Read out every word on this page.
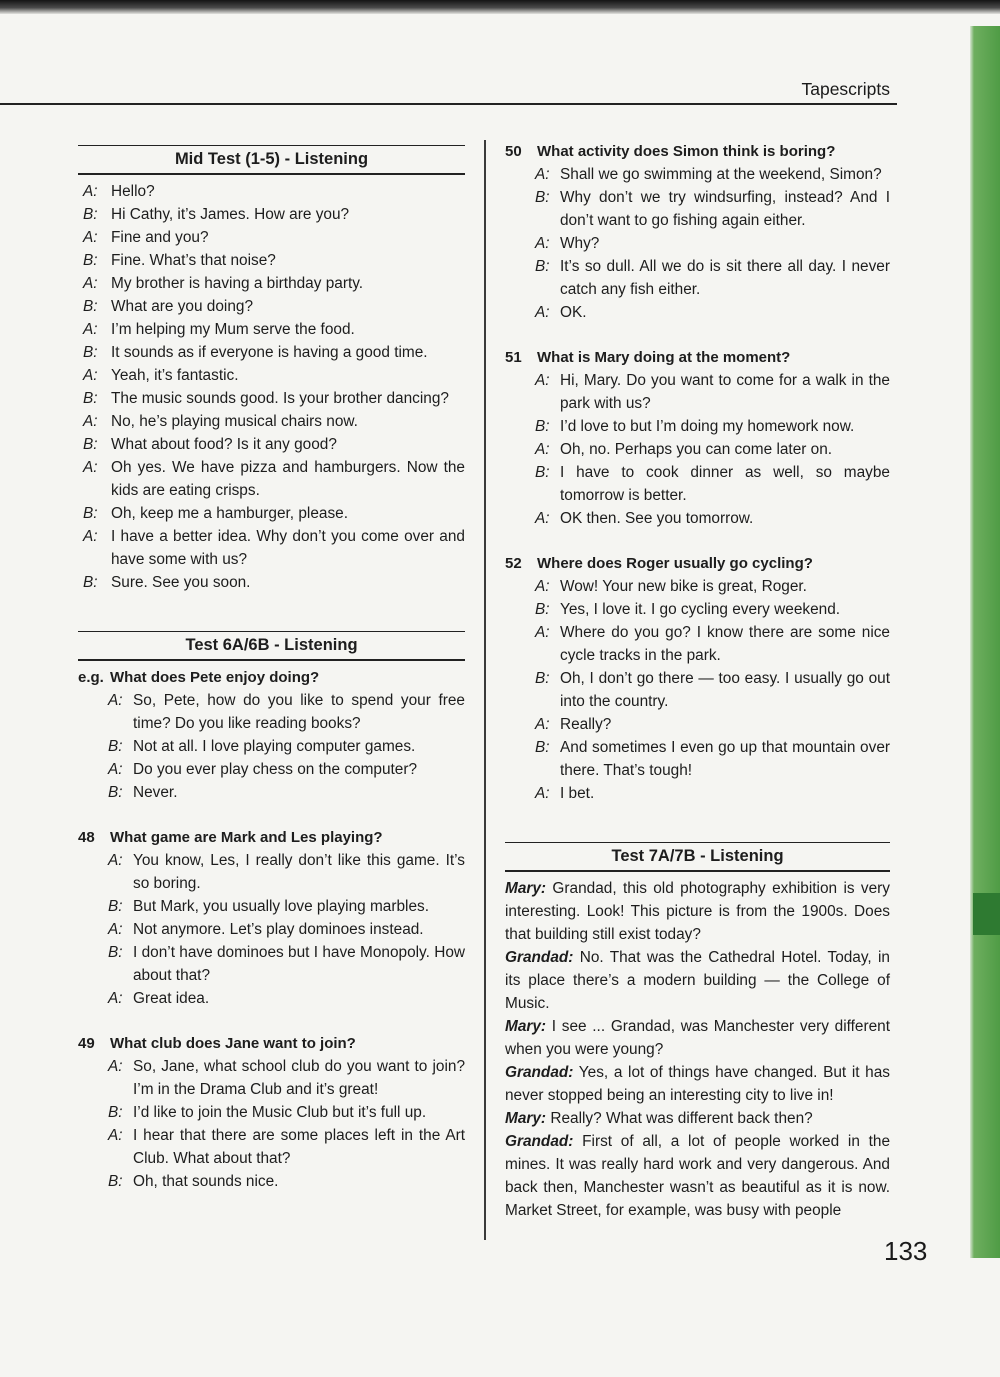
Tapescripts
Mid Test (1-5) - Listening
A: Hello?
B: Hi Cathy, it’s James. How are you?
A: Fine and you?
B: Fine. What’s that noise?
A: My brother is having a birthday party.
B: What are you doing?
A: I’m helping my Mum serve the food.
B: It sounds as if everyone is having a good time.
A: Yeah, it’s fantastic.
B: The music sounds good. Is your brother dancing?
A: No, he’s playing musical chairs now.
B: What about food? Is it any good?
A: Oh yes. We have pizza and hamburgers. Now the kids are eating crisps.
B: Oh, keep me a hamburger, please.
A: I have a better idea. Why don’t you come over and have some with us?
B: Sure. See you soon.
Test 6A/6B - Listening
e.g. What does Pete enjoy doing?
A: So, Pete, how do you like to spend your free time? Do you like reading books?
B: Not at all. I love playing computer games.
A: Do you ever play chess on the computer?
B: Never.
48	What game are Mark and Les playing?
A: You know, Les, I really don’t like this game. It’s so boring.
B: But Mark, you usually love playing marbles.
A: Not anymore. Let’s play dominoes instead.
B: I don’t have dominoes but I have Monopoly. How about that?
A: Great idea.
49	What club does Jane want to join?
A: So, Jane, what school club do you want to join? I’m in the Drama Club and it’s great!
B: I’d like to join the Music Club but it’s full up.
A: I hear that there are some places left in the Art Club. What about that?
B: Oh, that sounds nice.
50	What activity does Simon think is boring?
A: Shall we go swimming at the weekend, Simon?
B: Why don’t we try windsurfing, instead? And I don’t want to go fishing again either.
A: Why?
B: It’s so dull. All we do is sit there all day. I never catch any fish either.
A: OK.
51	What is Mary doing at the moment?
A: Hi, Mary. Do you want to come for a walk in the park with us?
B: I’d love to but I’m doing my homework now.
A: Oh, no. Perhaps you can come later on.
B: I have to cook dinner as well, so maybe tomorrow is better.
A: OK then. See you tomorrow.
52	Where does Roger usually go cycling?
A: Wow! Your new bike is great, Roger.
B: Yes, I love it. I go cycling every weekend.
A: Where do you go? I know there are some nice cycle tracks in the park.
B: Oh, I don’t go there — too easy. I usually go out into the country.
A: Really?
B: And sometimes I even go up that mountain over there. That’s tough!
A: I bet.
Test 7A/7B - Listening
Mary: Grandad, this old photography exhibition is very interesting. Look! This picture is from the 1900s. Does that building still exist today?
Grandad: No. That was the Cathedral Hotel. Today, in its place there’s a modern building — the College of Music.
Mary: I see ... Grandad, was Manchester very different when you were young?
Grandad: Yes, a lot of things have changed. But it has never stopped being an interesting city to live in!
Mary: Really? What was different back then?
Grandad: First of all, a lot of people worked in the mines. It was really hard work and very dangerous. And back then, Manchester wasn’t as beautiful as it is now. Market Street, for example, was busy with people
133
